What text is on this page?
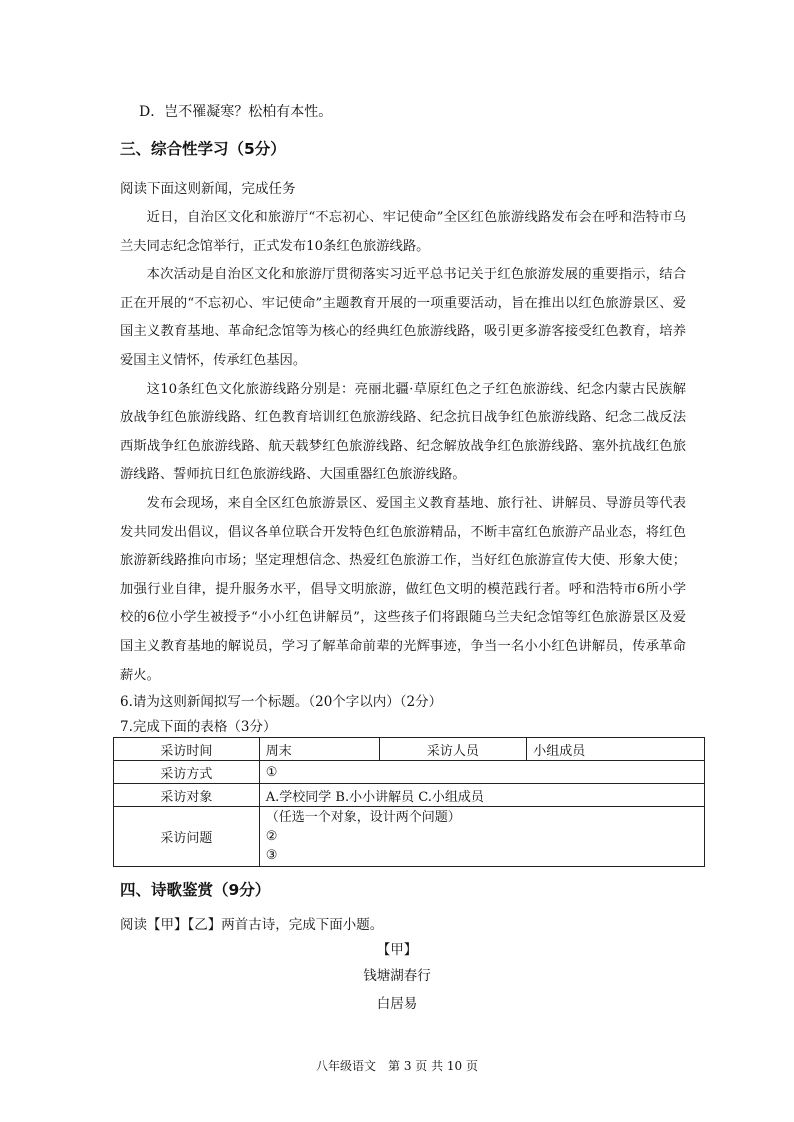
D．岂不罹凝寒？松柏有本性。
三、综合性学习（5分）
阅读下面这则新闻，完成任务

近日，自治区文化和旅游厅“不忘初心、牢记使命”全区红色旅游线路发布会在呼和浩特市乌兰夫同志纪念馆举行，正式发布10条红色旅游线路。

本次活动是自治区文化和旅游厅贯彻落实习近平总书记关于红色旅游发展的重要指示，结合正在开展的“不忘初心、牢记使命”主题教育开展的一项重要活动，旨在推出以红色旅游景区、爱国主义教育基地、革命纪念馆等为核心的经典红色旅游线路，吸引更多游客接受红色教育，培养爱国主义情怀，传承红色基因。

这10条红色文化旅游线路分别是：亮丽北疆·草原红色之子红色旅游线、纪念内蒙古民族解放战争红色旅游线路、红色教育培训红色旅游线路、纪念抗日战争红色旅游线路、纪念二战反法西斯战争红色旅游线路、航天载梦红色旅游线路、纪念解放战争红色旅游线路、塞外抗战红色旅游线路、誓师抗日红色旅游线路、大国重器红色旅游线路。

发布会现场，来自全区红色旅游景区、爱国主义教育基地、旅行社、讲解员、导游员等代表发共同发出倡议，倡议各单位联合开发特色红色旅游精品，不断丰富红色旅游产品业态，将红色旅游新线路推向市场；坚定理想信念、热爱红色旅游工作，当好红色旅游宣传大使、形象大使；加强行业自律，提升服务水平，倡导文明旅游，做红色文明的模范践行者。呼和浩特市6所小学校的6位小学生被授予“小小红色讲解员”，这些孩子们将跟随乌兰夫纪念馆等红色旅游景区及爱国主义教育基地的解说员，学习了解革命前辈的光辉事迹，争当一名小小红色讲解员，传承革命薪火。

6.请为这则新闻拟写一个标题。（20个字以内）（2分）
7.完成下面的表格（3分）
采访时间	周末	采访人员	小组成员
采访方式	①		
采访对象	A.学校同学 B.小小讲解员 C.小组成员		
采访问题	（任选一个对象，设计两个问题）
②
③		
四、诗歌鉴赏（9分）
阅读【甲】【乙】两首古诗，完成下面小题。
【甲】
钱塘湖春行
白居易
八年级语文　第 3 页 共 10 页
